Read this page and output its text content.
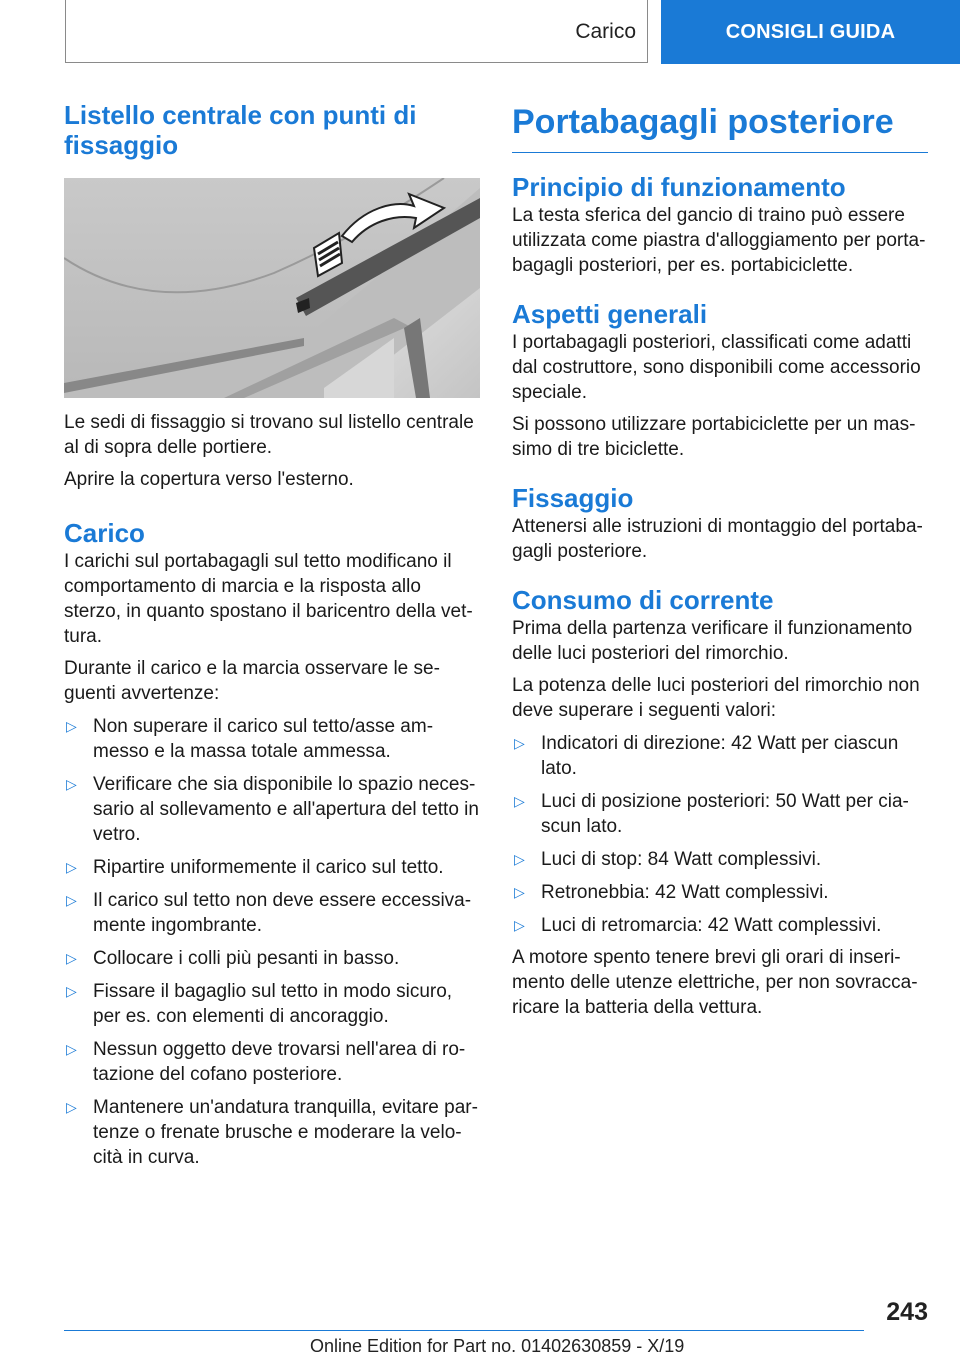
Carico	CONSIGLI GUIDA
Listello centrale con punti di fissaggio

Le sedi di fissaggio si trovano sul listello centrale al di sopra delle portiere.

Aprire la copertura verso l'esterno.

Carico

I carichi sul portabagagli sul tetto modificano il comportamento di marcia e la risposta allo sterzo, in quanto spostano il baricentro della vet‐tura.

Durante il carico e la marcia osservare le se‐guenti avvertenze:

▷ Non superare il carico sul tetto/asse am‐messo e la massa totale ammessa.
▷ Verificare che sia disponibile lo spazio neces‐sario al sollevamento e all'apertura del tetto in vetro.
▷ Ripartire uniformemente il carico sul tetto.
▷ Il carico sul tetto non deve essere eccessiva‐mente ingombrante.
▷ Collocare i colli più pesanti in basso.
▷ Fissare il bagaglio sul tetto in modo sicuro, per es. con elementi di ancoraggio.
▷ Nessun oggetto deve trovarsi nell'area di ro‐tazione del cofano posteriore.
▷ Mantenere un'andatura tranquilla, evitare par‐tenze o frenate brusche e moderare la velo‐cità in curva.
Portabagagli posteriore
Principio di funzionamento

La testa sferica del gancio di traino può essere utilizzata come piastra d'alloggiamento per porta‐bagagli posteriori, per es. portabiciclette.

Aspetti generali

I portabagagli posteriori, classificati come adatti dal costruttore, sono disponibili come accessorio speciale.

Si possono utilizzare portabiciclette per un mas‐simo di tre biciclette.

Fissaggio

Attenersi alle istruzioni di montaggio del portaba‐gagli posteriore.

Consumo di corrente

Prima della partenza verificare il funzionamento delle luci posteriori del rimorchio.

La potenza delle luci posteriori del rimorchio non deve superare i seguenti valori:

▷ Indicatori di direzione: 42 Watt per ciascun lato.
▷ Luci di posizione posteriori: 50 Watt per cia‐scun lato.
▷ Luci di stop: 84 Watt complessivi.
▷ Retronebbia: 42 Watt complessivi.
▷ Luci di retromarcia: 42 Watt complessivi.

A motore spento tenere brevi gli orari di inseri‐mento delle utenze elettriche, per non sovracca‐ricare la batteria della vettura.

243
Online Edition for Part no. 01402630859 - X/19
